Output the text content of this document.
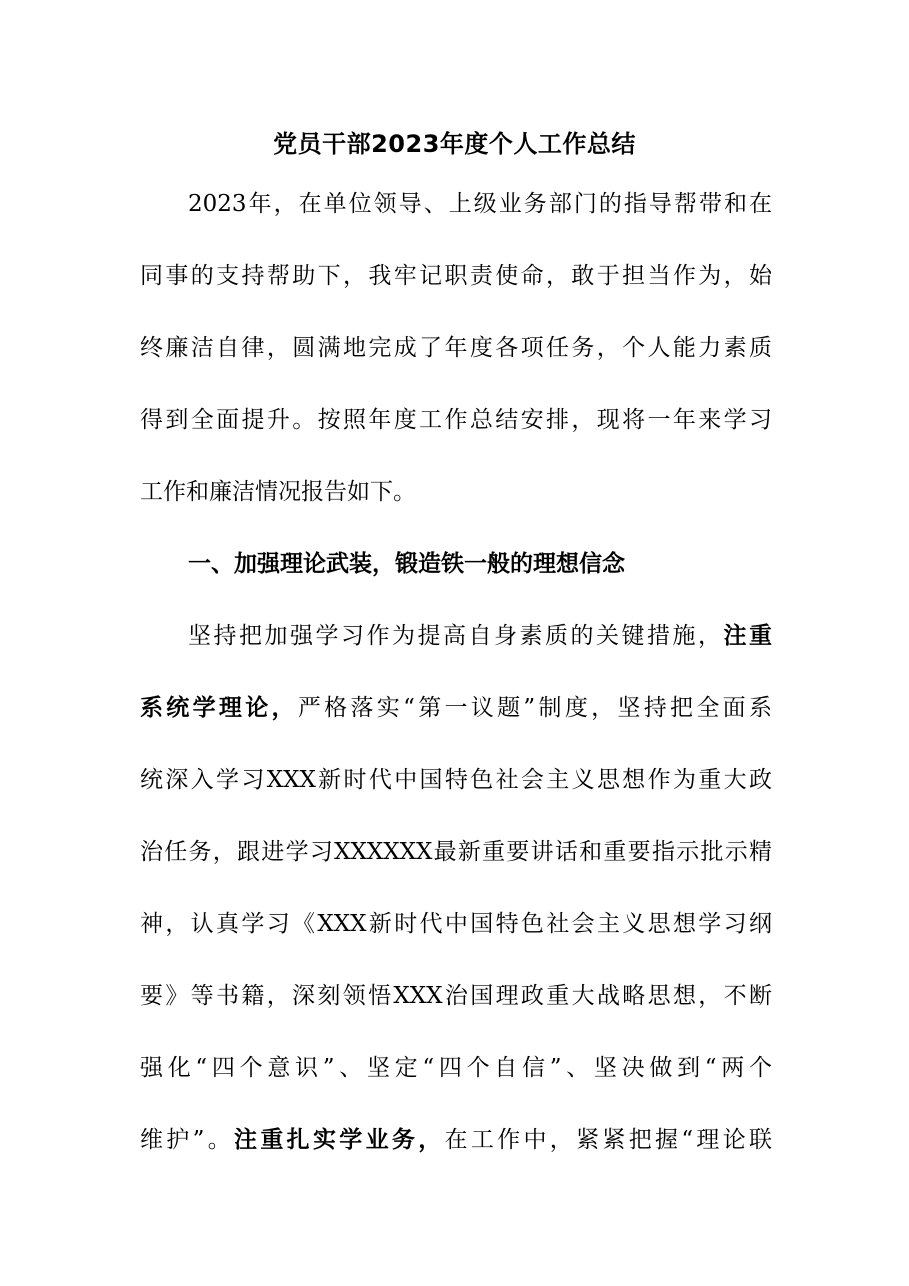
党员干部2023年度个人工作总结
2023年，在单位领导、上级业务部门的指导帮带和在
同事的支持帮助下，我牢记职责使命，敢于担当作为，始
终廉洁自律，圆满地完成了年度各项任务，个人能力素质
得到全面提升。按照年度工作总结安排，现将一年来学习
工作和廉洁情况报告如下。
一、加强理论武装，锻造铁一般的理想信念
坚持把加强学习作为提高自身素质的关键措施，注重
系统学理论，严格落实“第一议题”制度，坚持把全面系
统深入学习XXX新时代中国特色社会主义思想作为重大政
治任务，跟进学习XXXXXX最新重要讲话和重要指示批示精
神，认真学习《XXX新时代中国特色社会主义思想学习纲
要》等书籍，深刻领悟XXX治国理政重大战略思想，不断
强化“四个意识”、坚定“四个自信”、坚决做到“两个
维护”。注重扎实学业务，在工作中，紧紧把握“理论联
